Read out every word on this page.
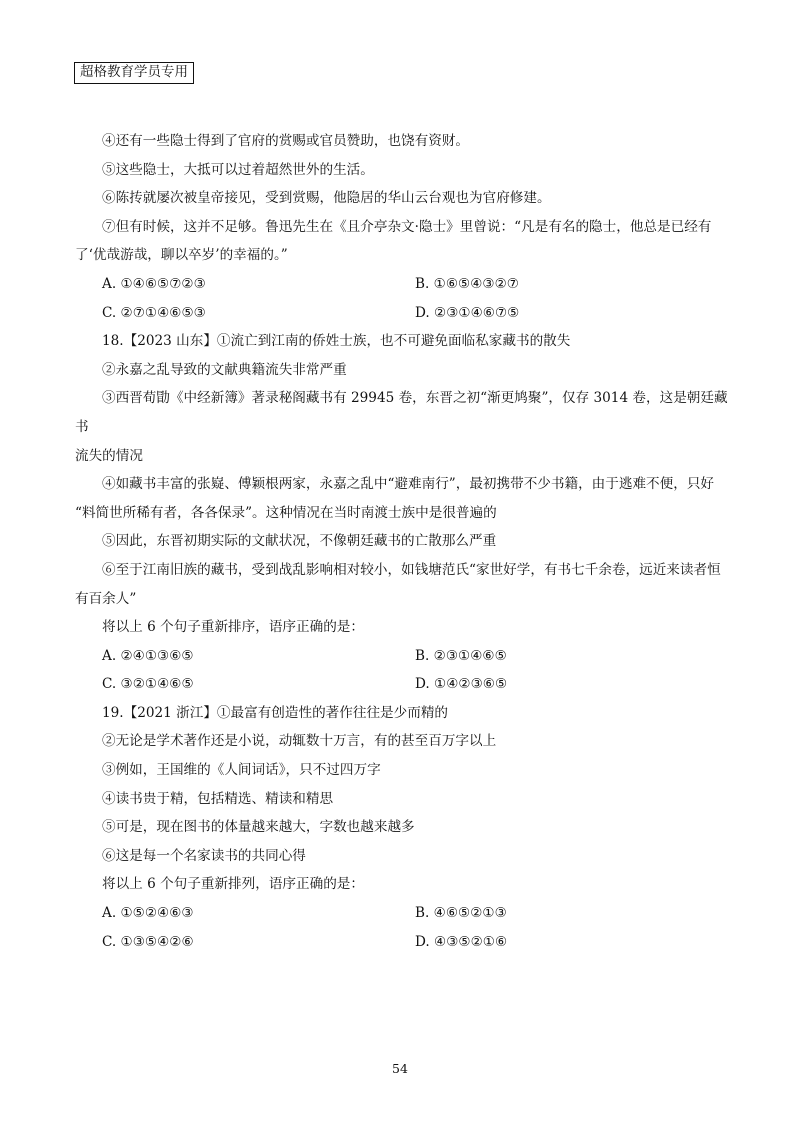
超格教育学员专用

④还有一些隐士得到了官府的赏赐或官员赞助，也饶有资财。

⑤这些隐士，大抵可以过着超然世外的生活。

⑥陈抟就屡次被皇帝接见，受到赏赐，他隐居的华山云台观也为官府修建。

⑦但有时候，这并不足够。鲁迅先生在《且介亭杂文·隐士》里曾说：“凡是有名的隐士，他总是已经有

了‘优哉游哉，聊以卒岁’的幸福的。”

A. ①④⑥⑤⑦②③	B. ①⑥⑤④③②⑦
C. ②⑦①④⑥⑤③	D. ②③①④⑥⑦⑤

18.【2023 山东】①流亡到江南的侨姓士族，也不可避免面临私家藏书的散失

②永嘉之乱导致的文献典籍流失非常严重

③西晋荀勖《中经新簿》著录秘阁藏书有 29945 卷，东晋之初“渐更鸠聚”，仅存 3014 卷，这是朝廷藏书

流失的情况

④如藏书丰富的张嶷、傅颖根两家，永嘉之乱中“避难南行”，最初携带不少书籍，由于逃难不便，只好

“料简世所稀有者，各各保录”。这种情况在当时南渡士族中是很普遍的

⑤因此，东晋初期实际的文献状况，不像朝廷藏书的亡散那么严重

⑥至于江南旧族的藏书，受到战乱影响相对较小，如钱塘范氏“家世好学，有书七千余卷，远近来读者恒

有百余人”

将以上 6 个句子重新排序，语序正确的是：

A. ②④①③⑥⑤	B. ②③①④⑥⑤
C. ③②①④⑥⑤	D. ①④②③⑥⑤

19.【2021 浙江】①最富有创造性的著作往往是少而精的

②无论是学术著作还是小说，动辄数十万言，有的甚至百万字以上

③例如，王国维的《人间词话》，只不过四万字

④读书贵于精，包括精选、精读和精思

⑤可是，现在图书的体量越来越大，字数也越来越多

⑥这是每一个名家读书的共同心得

将以上 6 个句子重新排列，语序正确的是：

A. ①⑤②④⑥③	B. ④⑥⑤②①③
C. ①③⑤④②⑥	D. ④③⑤②①⑥
54
